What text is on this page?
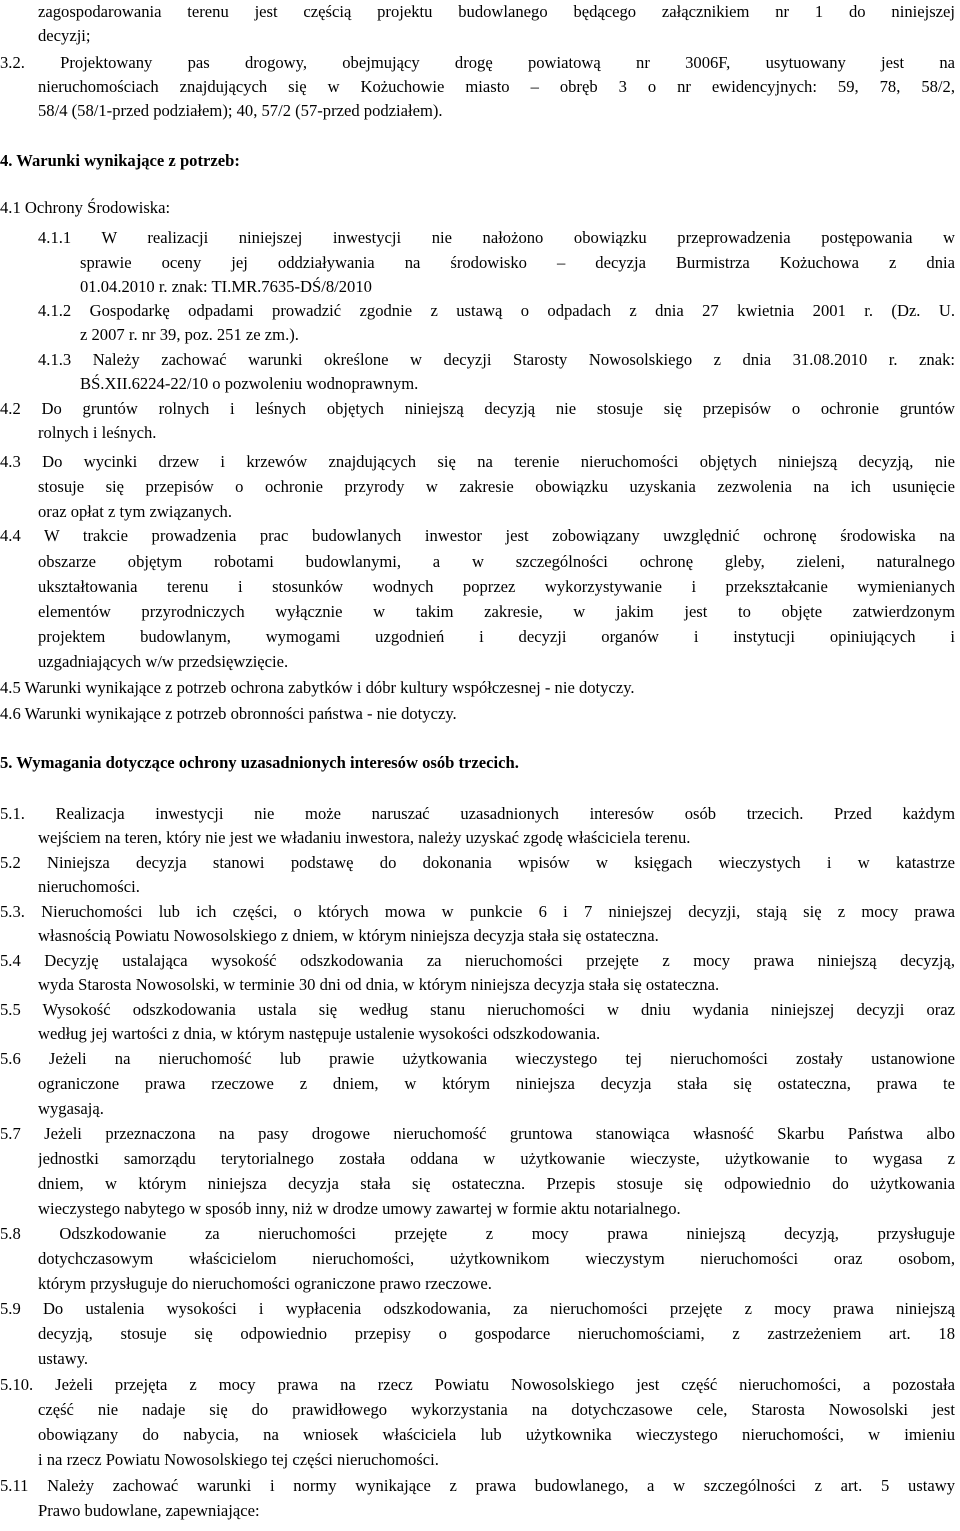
zagospodarowania terenu jest częścią projektu budowlanego będącego załącznikiem nr 1 do niniejszej
decyzji;
3.2. Projektowany pas drogowy, obejmujący drogę powiatową nr 3006F, usytuowany jest na
nieruchomościach znajdujących się w Kożuchowie miasto – obręb 3 o nr ewidencyjnych: 59, 78, 58/2,
58/4 (58/1-przed podziałem); 40, 57/2 (57-przed podziałem).
4. Warunki wynikające z potrzeb:
4.1 Ochrony Środowiska:
4.1.1 W realizacji niniejszej inwestycji nie nałożono obowiązku przeprowadzenia postępowania w
sprawie oceny jej oddziaływania na środowisko – decyzja Burmistrza Kożuchowa z dnia
01.04.2010 r. znak: TI.MR.7635-DŚ/8/2010
4.1.2 Gospodarkę odpadami prowadzić zgodnie z ustawą o odpadach z dnia 27 kwietnia 2001 r. (Dz. U.
z 2007 r. nr 39, poz. 251 ze zm.).
4.1.3 Należy zachować warunki określone w decyzji Starosty Nowosolskiego z dnia 31.08.2010 r. znak:
BŚ.XII.6224-22/10 o pozwoleniu wodnoprawnym.
4.2 Do gruntów rolnych i leśnych objętych niniejszą decyzją nie stosuje się przepisów o ochronie gruntów
rolnych i leśnych.
4.3 Do wycinki drzew i krzewów znajdujących się na terenie nieruchomości objętych niniejszą decyzją, nie
stosuje się przepisów o ochronie przyrody w zakresie obowiązku uzyskania zezwolenia na ich usunięcie
oraz opłat z tym związanych.
4.4 W trakcie prowadzenia prac budowlanych inwestor jest zobowiązany uwzględnić ochronę środowiska na
obszarze objętym robotami budowlanymi, a w szczególności ochronę gleby, zieleni, naturalnego
ukształtowania terenu i stosunków wodnych poprzez wykorzystywanie i przekształcanie wymienianych
elementów przyrodniczych wyłącznie w takim zakresie, w jakim jest to objęte zatwierdzonym
projektem budowlanym, wymogami uzgodnień i decyzji organów i instytucji opiniujących i
uzgadniających w/w przedsięwzięcie.
4.5 Warunki wynikające z potrzeb ochrona zabytków i dóbr kultury współczesnej - nie dotyczy.
4.6 Warunki wynikające z potrzeb obronności państwa - nie dotyczy.
5. Wymagania dotyczące ochrony uzasadnionych interesów osób trzecich.
5.1. Realizacja inwestycji nie może naruszać uzasadnionych interesów osób trzecich. Przed każdym
wejściem na teren, który nie jest we władaniu inwestora, należy uzyskać zgodę właściciela terenu.
5.2 Niniejsza decyzja stanowi podstawę do dokonania wpisów w księgach wieczystych i w katastrze
nieruchomości.
5.3. Nieruchomości lub ich części, o których mowa w punkcie 6 i 7 niniejszej decyzji, stają się z mocy prawa
własnością Powiatu Nowosolskiego z dniem, w którym niniejsza decyzja stała się ostateczna.
5.4 Decyzję ustalająca wysokość odszkodowania za nieruchomości przejęte z mocy prawa niniejszą decyzją,
wyda Starosta Nowosolski, w terminie 30 dni od dnia, w którym niniejsza decyzja stała się ostateczna.
5.5 Wysokość odszkodowania ustala się według stanu nieruchomości w dniu wydania niniejszej decyzji oraz
według jej wartości z dnia, w którym następuje ustalenie wysokości odszkodowania.
5.6 Jeżeli na nieruchomość lub prawie użytkowania wieczystego tej nieruchomości zostały ustanowione
ograniczone prawa rzeczowe z dniem, w którym niniejsza decyzja stała się ostateczna, prawa te
wygasają.
5.7 Jeżeli przeznaczona na pasy drogowe nieruchomość gruntowa stanowiąca własność Skarbu Państwa albo
jednostki samorządu terytorialnego została oddana w użytkowanie wieczyste, użytkowanie to wygasa z
dniem, w którym niniejsza decyzja stała się ostateczna. Przepis stosuje się odpowiednio do użytkowania
wieczystego nabytego w sposób inny, niż w drodze umowy zawartej w formie aktu notarialnego.
5.8 Odszkodowanie za nieruchomości przejęte z mocy prawa niniejszą decyzją, przysługuje
dotychczasowym właścicielom nieruchomości, użytkownikom wieczystym nieruchomości oraz osobom,
którym przysługuje do nieruchomości ograniczone prawo rzeczowe.
5.9 Do ustalenia wysokości i wypłacenia odszkodowania, za nieruchomości przejęte z mocy prawa niniejszą
decyzją, stosuje się odpowiednio przepisy o gospodarce nieruchomościami, z zastrzeżeniem art. 18
ustawy.
5.10. Jeżeli przejęta z mocy prawa na rzecz Powiatu Nowosolskiego jest część nieruchomości, a pozostała
część nie nadaje się do prawidłowego wykorzystania na dotychczasowe cele, Starosta Nowosolski jest
obowiązany do nabycia, na wniosek właściciela lub użytkownika wieczystego nieruchomości, w imieniu
i na rzecz Powiatu Nowosolskiego tej części nieruchomości.
5.11 Należy zachować warunki i normy wynikające z prawa budowlanego, a w szczególności z art. 5 ustawy
Prawo budowlane, zapewniające:
